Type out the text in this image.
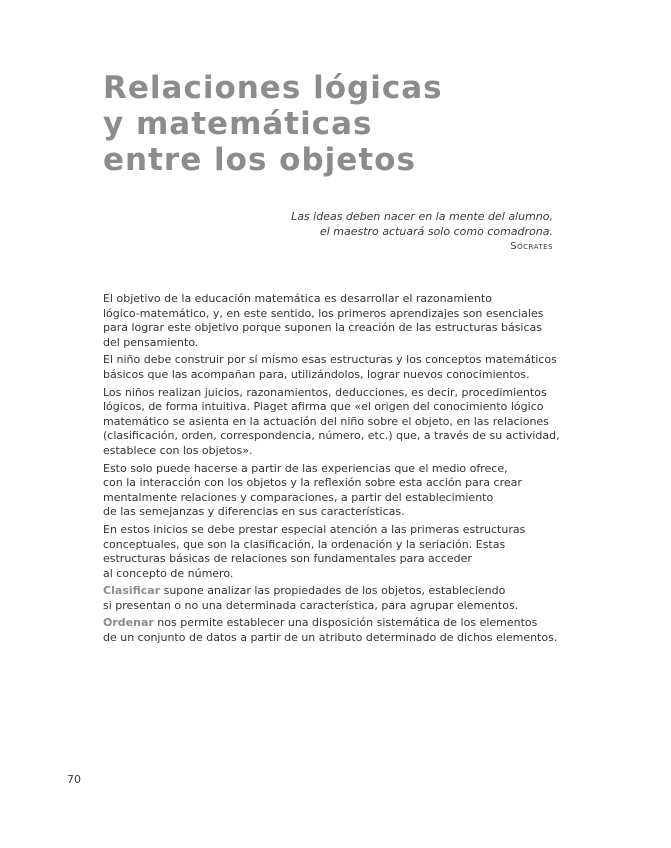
Relaciones lógicas
y matemáticas
entre los objetos
Las ideas deben nacer en la mente del alumno,
el maestro actuará solo como comadrona.
Sócrates

El objetivo de la educación matemática es desarrollar el razonamiento
lógico-matemático, y, en este sentido, los primeros aprendizajes son esenciales
para lograr este objetivo porque suponen la creación de las estructuras básicas
del pensamiento.

El niño debe construir por sí mismo esas estructuras y los conceptos matemáticos
básicos que las acompañan para, utilizándolos, lograr nuevos conocimientos.

Los niños realizan juicios, razonamientos, deducciones, es decir, procedimientos
lógicos, de forma intuitiva. Piaget afirma que «el origen del conocimiento lógico
matemático se asienta en la actuación del niño sobre el objeto, en las relaciones
(clasificación, orden, correspondencia, número, etc.) que, a través de su actividad,
establece con los objetos».

Esto solo puede hacerse a partir de las experiencias que el medio ofrece,
con la interacción con los objetos y la reflexión sobre esta acción para crear
mentalmente relaciones y comparaciones, a partir del establecimiento
de las semejanzas y diferencias en sus características.

En estos inicios se debe prestar especial atención a las primeras estructuras
conceptuales, que son la clasificación, la ordenación y la seriación. Estas
estructuras básicas de relaciones son fundamentales para acceder
al concepto de número.

Clasificar supone analizar las propiedades de los objetos, estableciendo
si presentan o no una determinada característica, para agrupar elementos.

Ordenar nos permite establecer una disposición sistemática de los elementos
de un conjunto de datos a partir de un atributo determinado de dichos elementos.

70
